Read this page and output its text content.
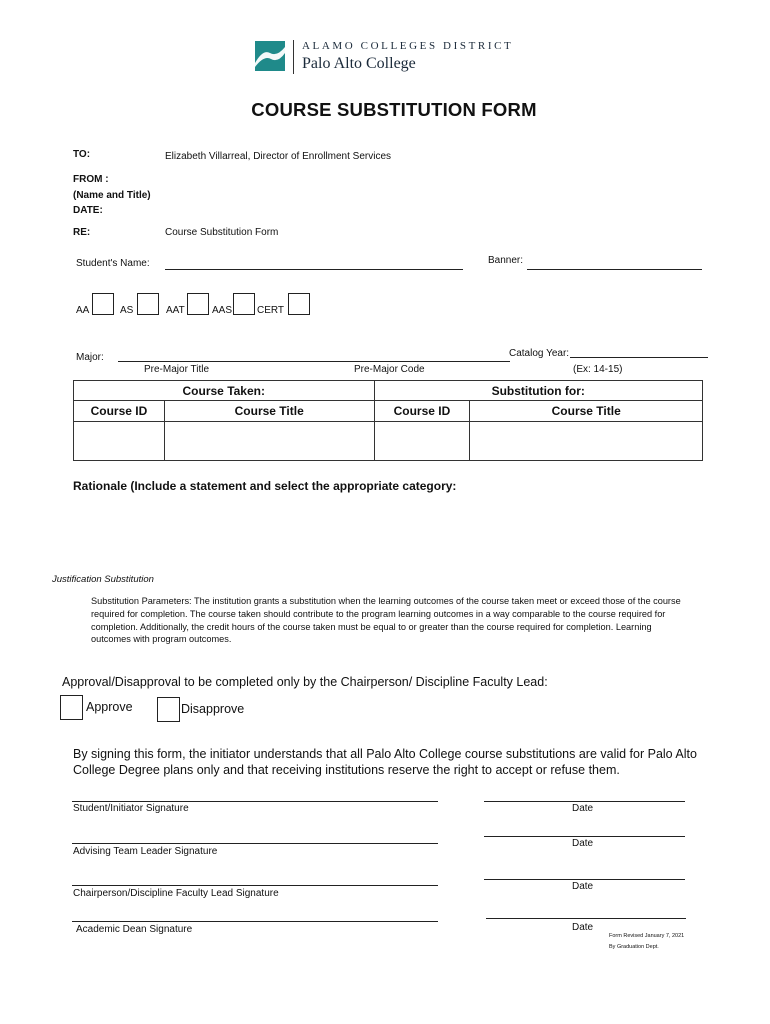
ALAMO COLLEGES DISTRICT
Palo Alto College
COURSE SUBSTITUTION FORM
TO:	Elizabeth Villarreal, Director of Enrollment Services
FROM :
(Name and Title)
DATE:
RE:	Course Substitution Form
Student's Name:	Banner:
AA	AS	AAT	AAS CERT
Major:	Catalog Year:
Pre-Major Title	Pre-Major Code	(Ex: 14-15)
Course Taken:		Substitution for:	
Course ID	Course Title	Course ID	Course Title

Rationale (Include a statement and select the appropriate category:
Justification Substitution
Substitution Parameters: The institution grants a substitution when the learning outcomes of the course taken meet or exceed those of the course required for completion. The course taken should contribute to the program learning outcomes in a way comparable to the course required for completion. Additionally, the credit hours of the course taken must be equal to or greater than the course required for completion. Learning outcomes with program outcomes.
Approval/Disapproval to be completed only by the Chairperson/ Discipline Faculty Lead:
Approve	Disapprove
By signing this form, the initiator understands that all Palo Alto College course substitutions are valid for Palo Alto College Degree plans only and that receiving institutions reserve the right to accept or refuse them.
Student/Initiator Signature	Date
Advising Team Leader Signature
Date
Chairperson/Discipline Faculty Lead Signature
Date
Academic Dean Signature	Date
Form Revised January 7, 2021
By Graduation Dept.
